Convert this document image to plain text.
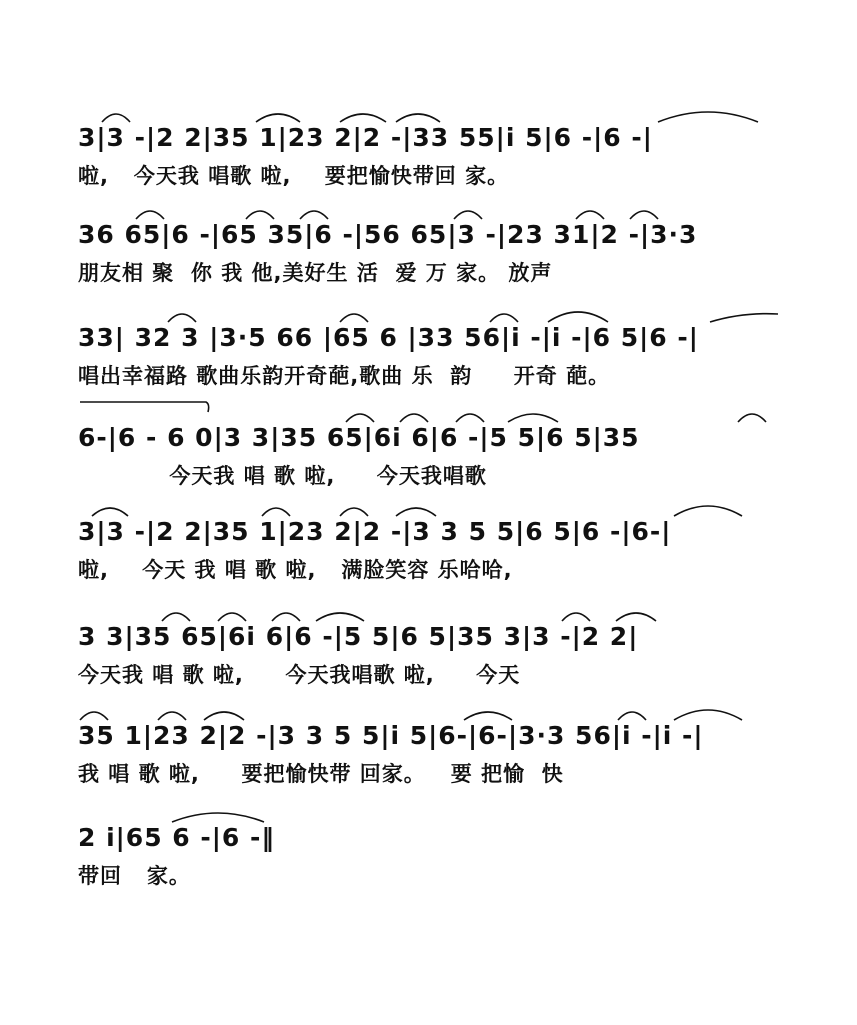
3|3 -|2 2|35 1|23 2|2 -|33 55|i 5|6 -|6 -|
啦,   今天我 唱歌 啦,    要把愉快带回 家。
36 65|6 -|65 35|6 -|56 65|3 -|23 31|2 -|3·3
朋友相 聚  你 我 他,美好生 活  爱 万 家。 放声
33| 32 3 |3·5 66 |65 6 |33 56|i -|i -|6 5|6 -|
唱出幸福路 歌曲乐韵开奇葩,歌曲 乐  韵     开奇 葩。
6-|6 - 6 0|3 3|35 65|6i 6|6 -|5 5|6 5|35
今天我 唱 歌 啦,     今天我唱歌
3|3 -|2 2|35 1|23 2|2 -|3 3 5 5|6 5|6 -|6-|
啦,    今天 我 唱 歌 啦,   满脸笑容 乐哈哈,
3 3|35 65|6i 6|6 -|5 5|6 5|35 3|3 -|2 2|
今天我 唱 歌 啦,     今天我唱歌 啦,     今天
35 1|23 2|2 -|3 3 5 5|i 5|6-|6-|3·3 56|i -|i -|
我 唱 歌 啦,     要把愉快带 回家。   要 把愉  快
2 i|65 6 -|6 -‖
带回   家。
